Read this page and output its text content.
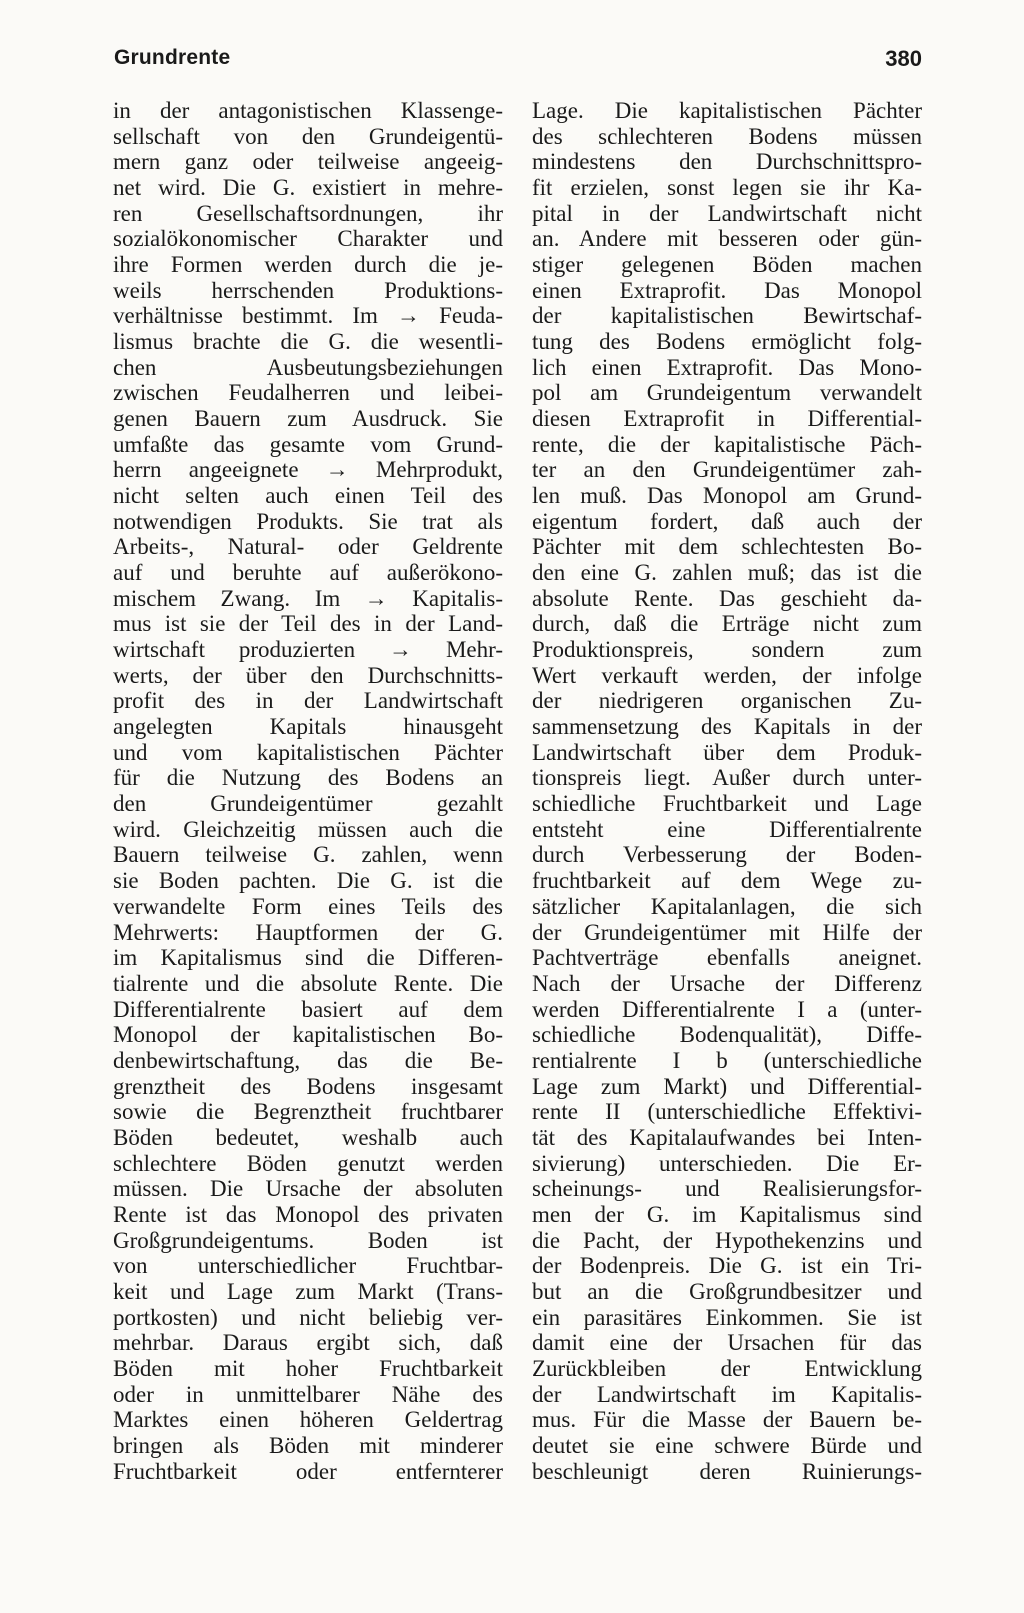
Grundrente	380
in der antagonistischen Klassenge-
sellschaft von den Grundeigentü-
mern ganz oder teilweise angeeig-
net wird. Die G. existiert in mehre-
ren Gesellschaftsordnungen, ihr
sozialökonomischer Charakter und
ihre Formen werden durch die je-
weils herrschenden Produktions-
verhältnisse bestimmt. Im → Feuda-
lismus brachte die G. die wesentli-
chen Ausbeutungsbeziehungen
zwischen Feudalherren und leibei-
genen Bauern zum Ausdruck. Sie
umfaßte das gesamte vom Grund-
herrn angeeignete → Mehrprodukt,
nicht selten auch einen Teil des
notwendigen Produkts. Sie trat als
Arbeits-, Natural- oder Geldrente
auf und beruhte auf außerökono-
mischem Zwang. Im → Kapitalis-
mus ist sie der Teil des in der Land-
wirtschaft produzierten → Mehr-
werts, der über den Durchschnitts-
profit des in der Landwirtschaft
angelegten Kapitals hinausgeht
und vom kapitalistischen Pächter
für die Nutzung des Bodens an
den Grundeigentümer gezahlt
wird. Gleichzeitig müssen auch die
Bauern teilweise G. zahlen, wenn
sie Boden pachten. Die G. ist die
verwandelte Form eines Teils des
Mehrwerts: Hauptformen der G.
im Kapitalismus sind die Differen-
tialrente und die absolute Rente. Die
Differentialrente basiert auf dem
Monopol der kapitalistischen Bo-
denbewirtschaftung, das die Be-
grenztheit des Bodens insgesamt
sowie die Begrenztheit fruchtbarer
Böden bedeutet, weshalb auch
schlechtere Böden genutzt werden
müssen. Die Ursache der absoluten
Rente ist das Monopol des privaten
Großgrundeigentums. Boden ist
von unterschiedlicher Fruchtbar-
keit und Lage zum Markt (Trans-
portkosten) und nicht beliebig ver-
mehrbar. Daraus ergibt sich, daß
Böden mit hoher Fruchtbarkeit
oder in unmittelbarer Nähe des
Marktes einen höheren Geldertrag
bringen als Böden mit minderer
Fruchtbarkeit oder entfernterer
Lage. Die kapitalistischen Pächter
des schlechteren Bodens müssen
mindestens den Durchschnittspro-
fit erzielen, sonst legen sie ihr Ka-
pital in der Landwirtschaft nicht
an. Andere mit besseren oder gün-
stiger gelegenen Böden machen
einen Extraprofit. Das Monopol
der kapitalistischen Bewirtschaf-
tung des Bodens ermöglicht folg-
lich einen Extraprofit. Das Mono-
pol am Grundeigentum verwandelt
diesen Extraprofit in Differential-
rente, die der kapitalistische Päch-
ter an den Grundeigentümer zah-
len muß. Das Monopol am Grund-
eigentum fordert, daß auch der
Pächter mit dem schlechtesten Bo-
den eine G. zahlen muß; das ist die
absolute Rente. Das geschieht da-
durch, daß die Erträge nicht zum
Produktionspreis, sondern zum
Wert verkauft werden, der infolge
der niedrigeren organischen Zu-
sammensetzung des Kapitals in der
Landwirtschaft über dem Produk-
tionspreis liegt. Außer durch unter-
schiedliche Fruchtbarkeit und Lage
entsteht eine Differentialrente
durch Verbesserung der Boden-
fruchtbarkeit auf dem Wege zu-
sätzlicher Kapitalanlagen, die sich
der Grundeigentümer mit Hilfe der
Pachtverträge ebenfalls aneignet.
Nach der Ursache der Differenz
werden Differentialrente I a (unter-
schiedliche Bodenqualität), Diffe-
rentialrente I b (unterschiedliche
Lage zum Markt) und Differential-
rente II (unterschiedliche Effektivi-
tät des Kapitalaufwandes bei Inten-
sivierung) unterschieden. Die Er-
scheinungs- und Realisierungsfor-
men der G. im Kapitalismus sind
die Pacht, der Hypothekenzins und
der Bodenpreis. Die G. ist ein Tri-
but an die Großgrundbesitzer und
ein parasitäres Einkommen. Sie ist
damit eine der Ursachen für das
Zurückbleiben der Entwicklung
der Landwirtschaft im Kapitalis-
mus. Für die Masse der Bauern be-
deutet sie eine schwere Bürde und
beschleunigt deren Ruinierungs-
